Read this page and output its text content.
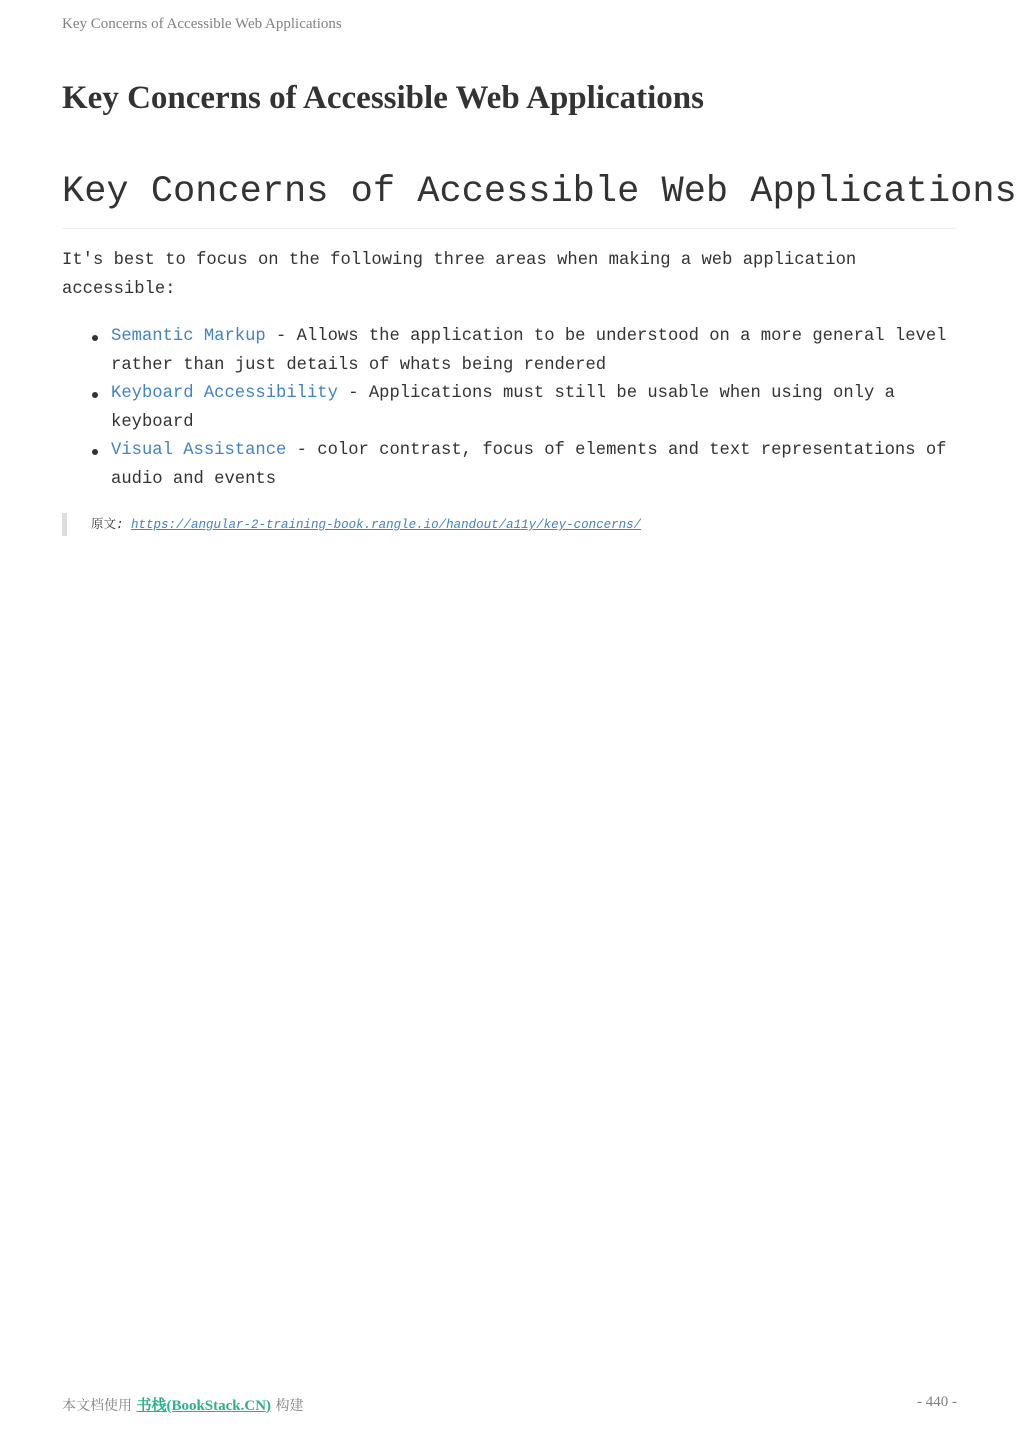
Key Concerns of Accessible Web Applications
Key Concerns of Accessible Web Applications
Key Concerns of Accessible Web Applications

It's best to focus on the following three areas when making a web application accessible:

Semantic Markup - Allows the application to be understood on a more general level rather than just details of whats being rendered
Keyboard Accessibility - Applications must still be usable when using only a keyboard
Visual Assistance - color contrast, focus of elements and text representations of audio and events
原文: https://angular-2-training-book.rangle.io/handout/a11y/key-concerns/
本文档使用 书栈(BookStack.CN) 构建	- 440 -
